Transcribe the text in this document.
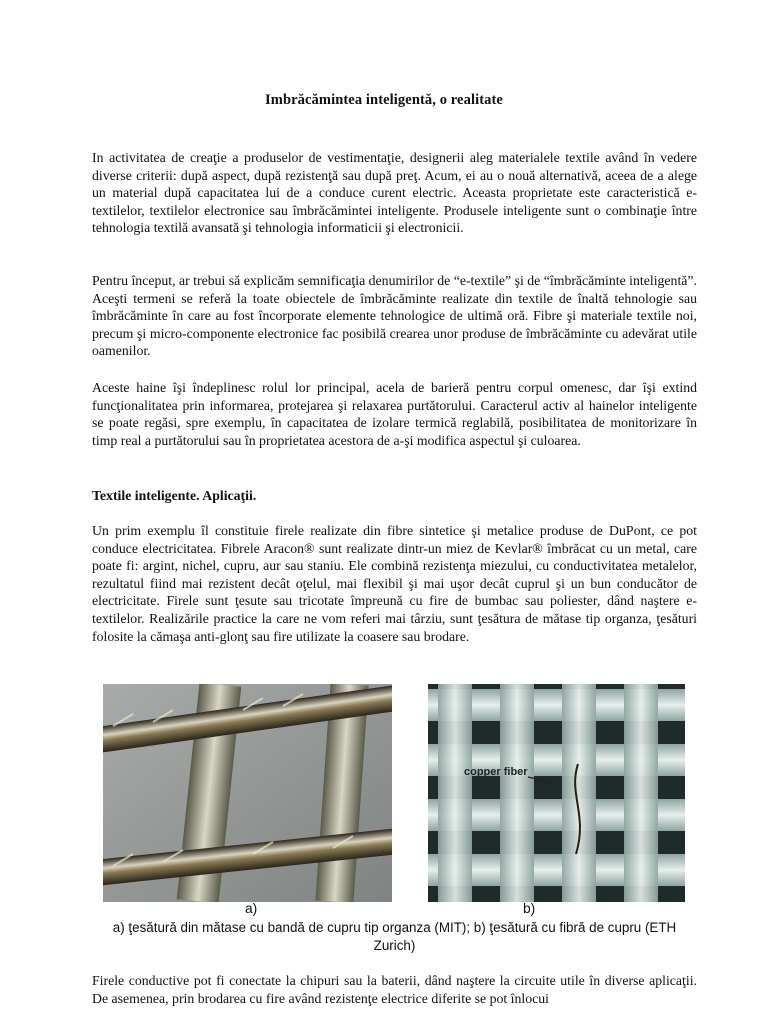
Imbrăcămintea inteligentă, o realitate

In activitatea de creaţie a produselor de vestimentaţie, designerii aleg materialele textile având în vedere diverse criterii: după aspect, după rezistenţă sau după preţ. Acum, ei au o nouă alternativă, aceea de a alege un material după capacitatea lui de a conduce curent electric. Aceasta proprietate este caracteristică e-textilelor, textilelor electronice sau îmbrăcămintei inteligente. Produsele inteligente sunt o combinaţie între tehnologia textilă avansată şi tehnologia informaticii şi electronicii.

Pentru început, ar trebui să explicăm semnificaţia denumirilor de “e-textile” şi de “îmbrăcăminte inteligentă”. Aceşti termeni se referă la toate obiectele de îmbrăcăminte realizate din textile de înaltă tehnologie sau îmbrăcăminte în care au fost încorporate elemente tehnologice de ultimă oră. Fibre şi materiale textile noi, precum şi micro-componente electronice fac posibilă crearea unor produse de îmbrăcăminte cu adevărat utile oamenilor.

Aceste haine îşi îndeplinesc rolul lor principal, acela de barieră pentru corpul omenesc, dar îşi extind funcţionalitatea prin informarea, protejarea şi relaxarea purtătorului. Caracterul activ al hainelor inteligente se poate regăsi, spre exemplu, în capacitatea de izolare termică reglabilă, posibilitatea de monitorizare în timp real a purtătorului sau în proprietatea acestora de a-şi modifica aspectul şi culoarea.

Textile inteligente. Aplicaţii.

Un prim exemplu îl constituie firele realizate din fibre sintetice şi metalice produse de DuPont, ce pot conduce electricitatea. Fibrele Aracon® sunt realizate dintr-un miez de Kevlar® îmbrăcat cu un metal, care poate fi: argint, nichel, cupru, aur sau staniu. Ele combină rezistenţa miezului, cu conductivitatea metalelor, rezultatul fiind mai rezistent decât oţelul, mai flexibil şi mai uşor decât cuprul şi un bun conducător de electricitate. Firele sunt ţesute sau tricotate împreună cu fire de bumbac sau poliester, dând naştere e-textilelor. Realizările practice la care ne vom referi mai târziu, sunt ţesătura de mătase tip organza, ţesături folosite la cămaşa anti-glonţ sau fire utilizate la coasere sau brodare.

copper fiber
a)	b)
a) ţesătură din mătase cu bandă de cupru tip organza (MIT); b) ţesătură cu fibră de cupru (ETH Zurich)

Firele conductive pot fi conectate la chipuri sau la baterii, dând naştere la circuite utile în diverse aplicaţii. De asemenea, prin brodarea cu fire având rezistenţe electrice diferite se pot înlocui
